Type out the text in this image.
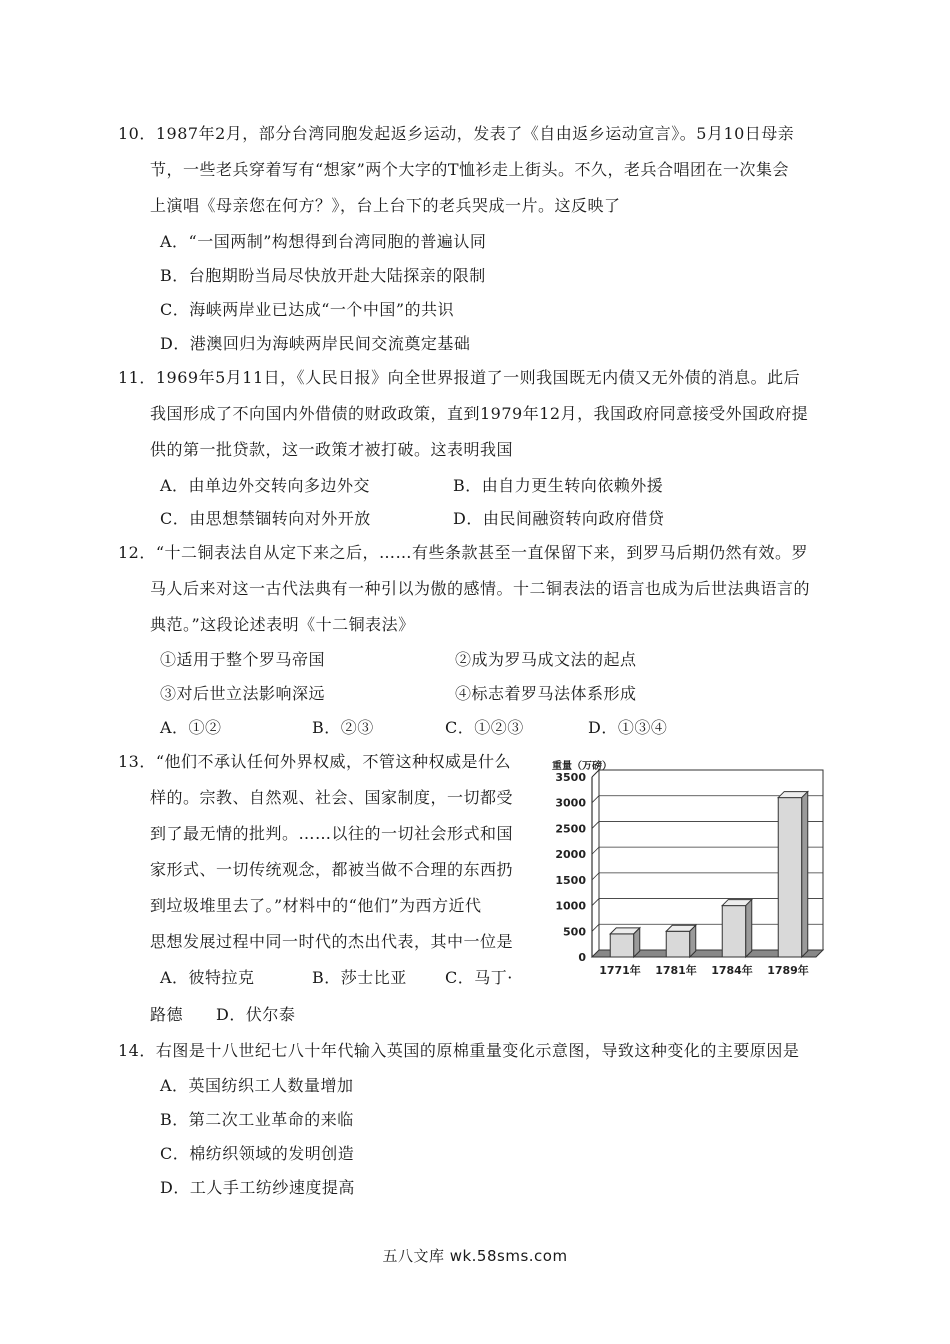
10．1987年2月，部分台湾同胞发起返乡运动，发表了《自由返乡运动宣言》。5月10日母亲
节，一些老兵穿着写有“想家”两个大字的T恤衫走上街头。不久，老兵合唱团在一次集会
上演唱《母亲您在何方？》，台上台下的老兵哭成一片。这反映了
A．“一国两制”构想得到台湾同胞的普遍认同
B．台胞期盼当局尽快放开赴大陆探亲的限制
C．海峡两岸业已达成“一个中国”的共识
D．港澳回归为海峡两岸民间交流奠定基础
11．1969年5月11日，《人民日报》向全世界报道了一则我国既无内债又无外债的消息。此后
我国形成了不向国内外借债的财政政策，直到1979年12月，我国政府同意接受外国政府提
供的第一批贷款，这一政策才被打破。这表明我国
A．由单边外交转向多边外交	B．由自力更生转向依赖外援
C．由思想禁锢转向对外开放	D．由民间融资转向政府借贷
12．“十二铜表法自从定下来之后，……有些条款甚至一直保留下来，到罗马后期仍然有效。罗
马人后来对这一古代法典有一种引以为傲的感情。十二铜表法的语言也成为后世法典语言的
典范。”这段论述表明《十二铜表法》
①适用于整个罗马帝国	②成为罗马成文法的起点
③对后世立法影响深远	④标志着罗马法体系形成
A．①②	B．②③	C．①②③	D．①③④
13．“他们不承认任何外界权威，不管这种权威是什么
样的。宗教、自然观、社会、国家制度，一切都受
到了最无情的批判。……以往的一切社会形式和国
家形式、一切传统观念，都被当做不合理的东西扔
到垃圾堆里去了。”材料中的“他们”为西方近代
思想发展过程中同一时代的杰出代表，其中一位是
A．彼特拉克	B．莎士比亚 C．马丁·
路德 D．伏尔泰
0
500
1000
1500
2000
2500
3000
3500
1771年 1781年 1784年 1789年
重量（万磅）
14．右图是十八世纪七八十年代输入英国的原棉重量变化示意图，导致这种变化的主要原因是
A．英国纺织工人数量增加
B．第二次工业革命的来临
C．棉纺织领域的发明创造
D．工人手工纺纱速度提高
五八文库 wk.58sms.com
